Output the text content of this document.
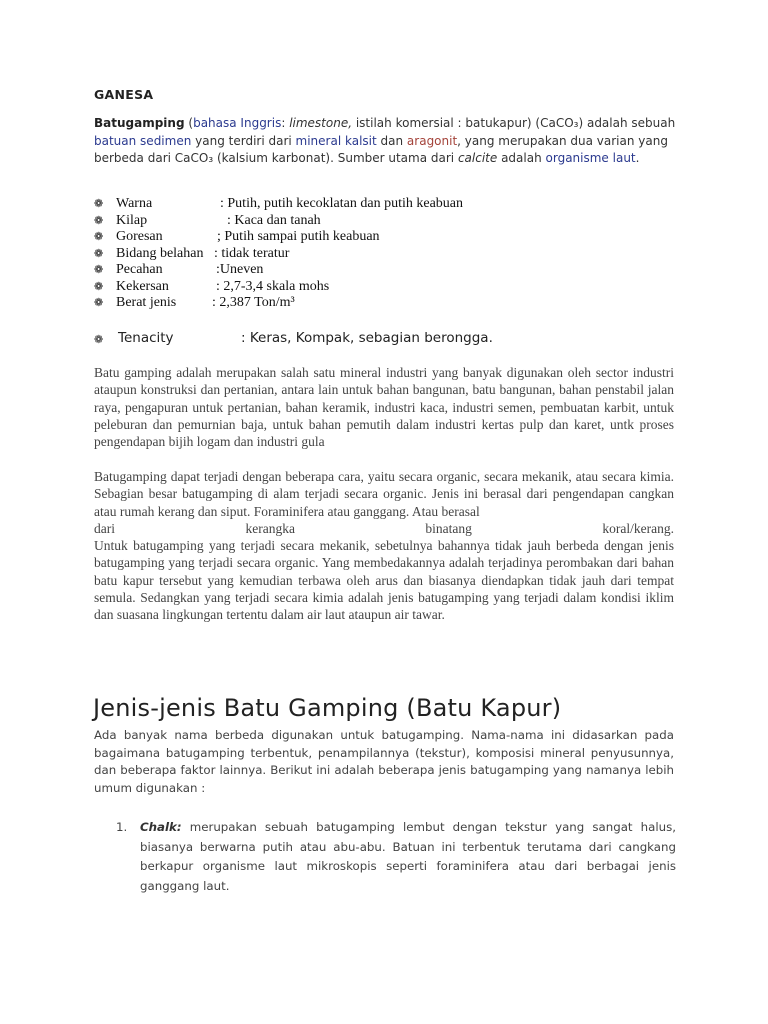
GANESA
Batugamping (bahasa Inggris: limestone, istilah komersial : batukapur) (CaCO₃) adalah sebuah batuan sedimen yang terdiri dari mineral kalsit dan aragonit, yang merupakan dua varian yang berbeda dari CaCO₃ (kalsium karbonat). Sumber utama dari calcite adalah organisme laut.
❁ Warna	: Putih, putih kecoklatan dan putih keabuan
❁ Kilap	: Kaca dan tanah
❁ Goresan	; Putih sampai putih keabuan
❁ Bidang belahan : tidak teratur
❁ Pecahan	:Uneven
❁ Kekersan	: 2,7-3,4 skala mohs
❁ Berat jenis	: 2,387 Ton/m³
❁ Tenacity	: Keras, Kompak, sebagian berongga.
Batu gamping adalah merupakan salah satu mineral industri yang banyak digunakan oleh sector industri ataupun konstruksi dan pertanian, antara lain untuk bahan bangunan, batu bangunan, bahan penstabil jalan raya, pengapuran untuk pertanian, bahan keramik, industri kaca, industri semen, pembuatan karbit, untuk peleburan dan pemurnian baja, untuk bahan pemutih dalam industri kertas pulp dan karet, untk proses pengendapan bijih logam dan industri gula
Batugamping dapat terjadi dengan beberapa cara, yaitu secara organic, secara mekanik, atau secara kimia. Sebagian besar batugamping di alam terjadi secara organic. Jenis ini berasal dari pengendapan cangkan atau rumah kerang dan siput. Foraminifera atau ganggang. Atau berasal
dari	kerangka	binatang	koral/kerang.
Untuk batugamping yang terjadi secara mekanik, sebetulnya bahannya tidak jauh berbeda dengan jenis batugamping yang terjadi secara organic. Yang membedakannya adalah terjadinya perombakan dari bahan batu kapur tersebut yang kemudian terbawa oleh arus dan biasanya diendapkan tidak jauh dari tempat semula. Sedangkan yang terjadi secara kimia adalah jenis batugamping yang terjadi dalam kondisi iklim dan suasana lingkungan tertentu dalam air laut ataupun air tawar.
Jenis-jenis Batu Gamping (Batu Kapur)
Ada banyak nama berbeda digunakan untuk batugamping. Nama-nama ini didasarkan pada bagaimana batugamping terbentuk, penampilannya (tekstur), komposisi mineral penyusunnya, dan beberapa faktor lainnya. Berikut ini adalah beberapa jenis batugamping yang namanya lebih umum digunakan :
1. Chalk: merupakan sebuah batugamping lembut dengan tekstur yang sangat halus, biasanya berwarna putih atau abu-abu. Batuan ini terbentuk terutama dari cangkang berkapur organisme laut mikroskopis seperti foraminifera atau dari berbagai jenis ganggang laut.
